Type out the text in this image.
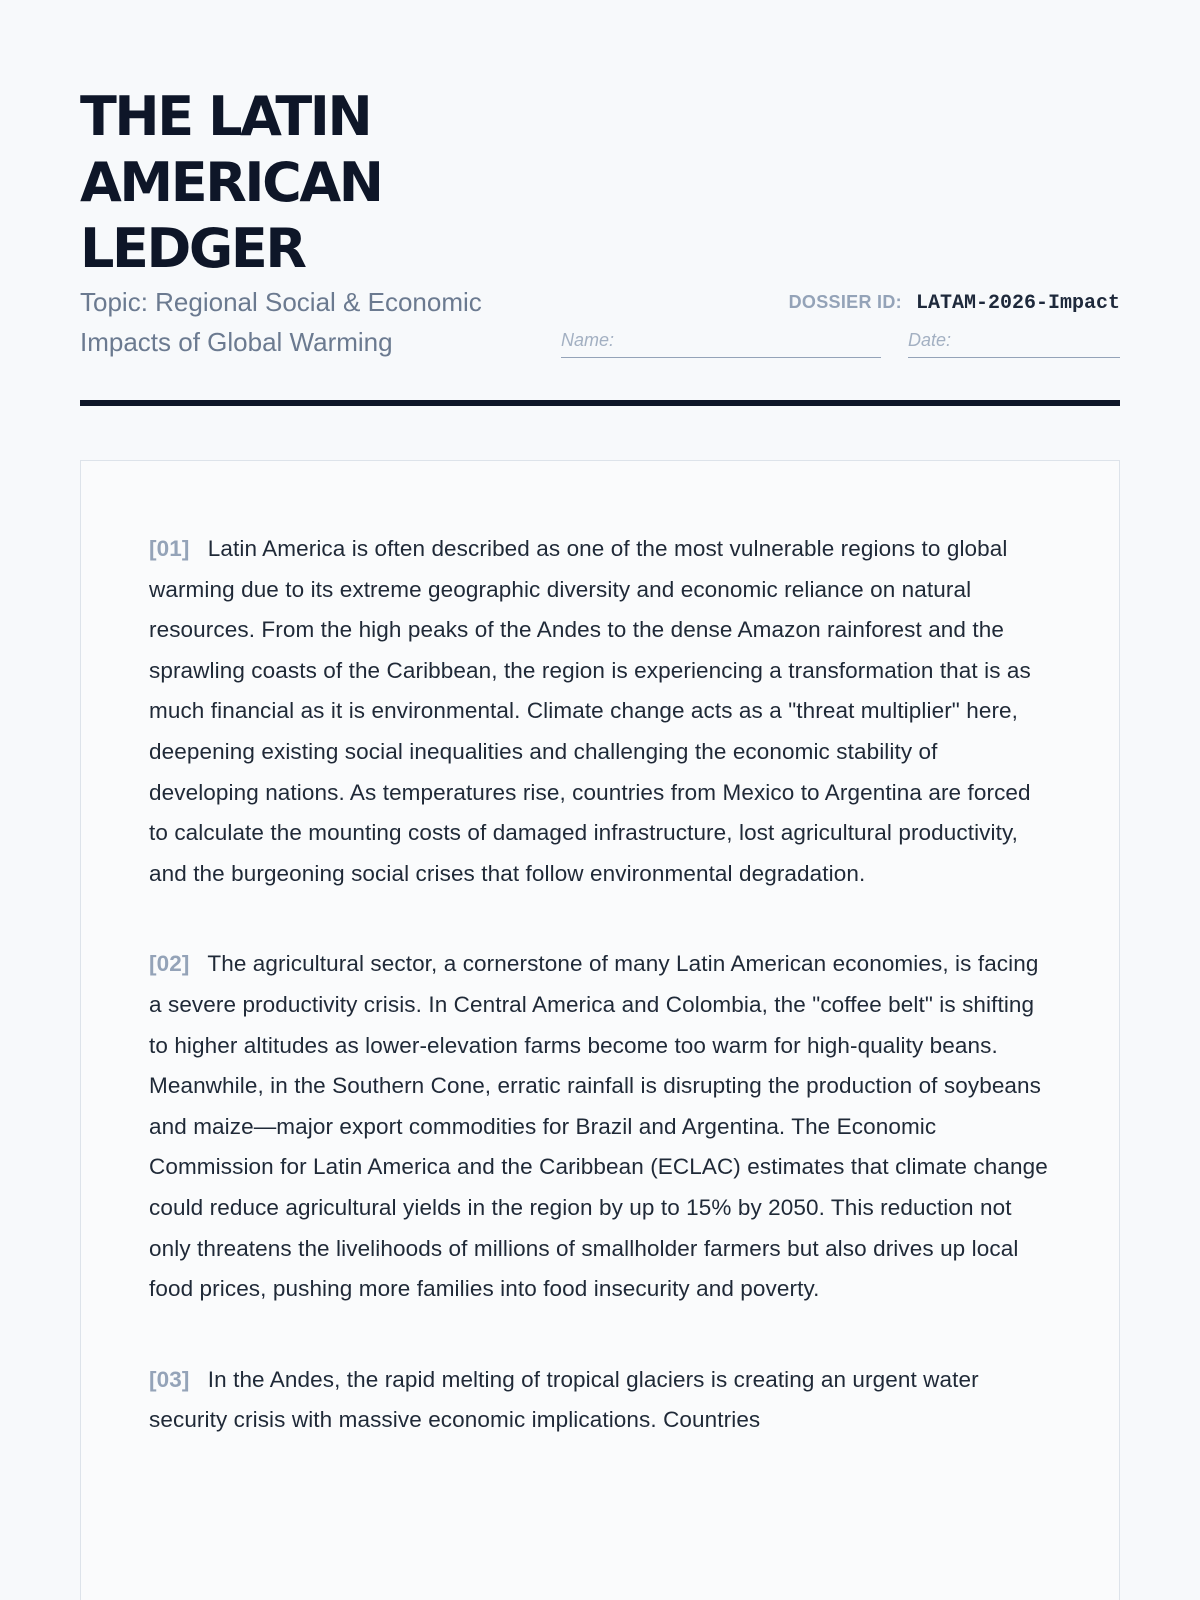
THE LATIN AMERICAN LEDGER
Topic: Regional Social & Economic Impacts of Global Warming
DOSSIER ID: LATAM-2026-Impact
Name:
Date:

[01] Latin America is often described as one of the most vulnerable regions to global warming due to its extreme geographic diversity and economic reliance on natural resources. From the high peaks of the Andes to the dense Amazon rainforest and the sprawling coasts of the Caribbean, the region is experiencing a transformation that is as much financial as it is environmental. Climate change acts as a "threat multiplier" here, deepening existing social inequalities and challenging the economic stability of developing nations. As temperatures rise, countries from Mexico to Argentina are forced to calculate the mounting costs of damaged infrastructure, lost agricultural productivity, and the burgeoning social crises that follow environmental degradation.

[02] The agricultural sector, a cornerstone of many Latin American economies, is facing a severe productivity crisis. In Central America and Colombia, the "coffee belt" is shifting to higher altitudes as lower-elevation farms become too warm for high-quality beans. Meanwhile, in the Southern Cone, erratic rainfall is disrupting the production of soybeans and maize—major export commodities for Brazil and Argentina. The Economic Commission for Latin America and the Caribbean (ECLAC) estimates that climate change could reduce agricultural yields in the region by up to 15% by 2050. This reduction not only threatens the livelihoods of millions of smallholder farmers but also drives up local food prices, pushing more families into food insecurity and poverty.

[03] In the Andes, the rapid melting of tropical glaciers is creating an urgent water security crisis with massive economic implications. Countries
